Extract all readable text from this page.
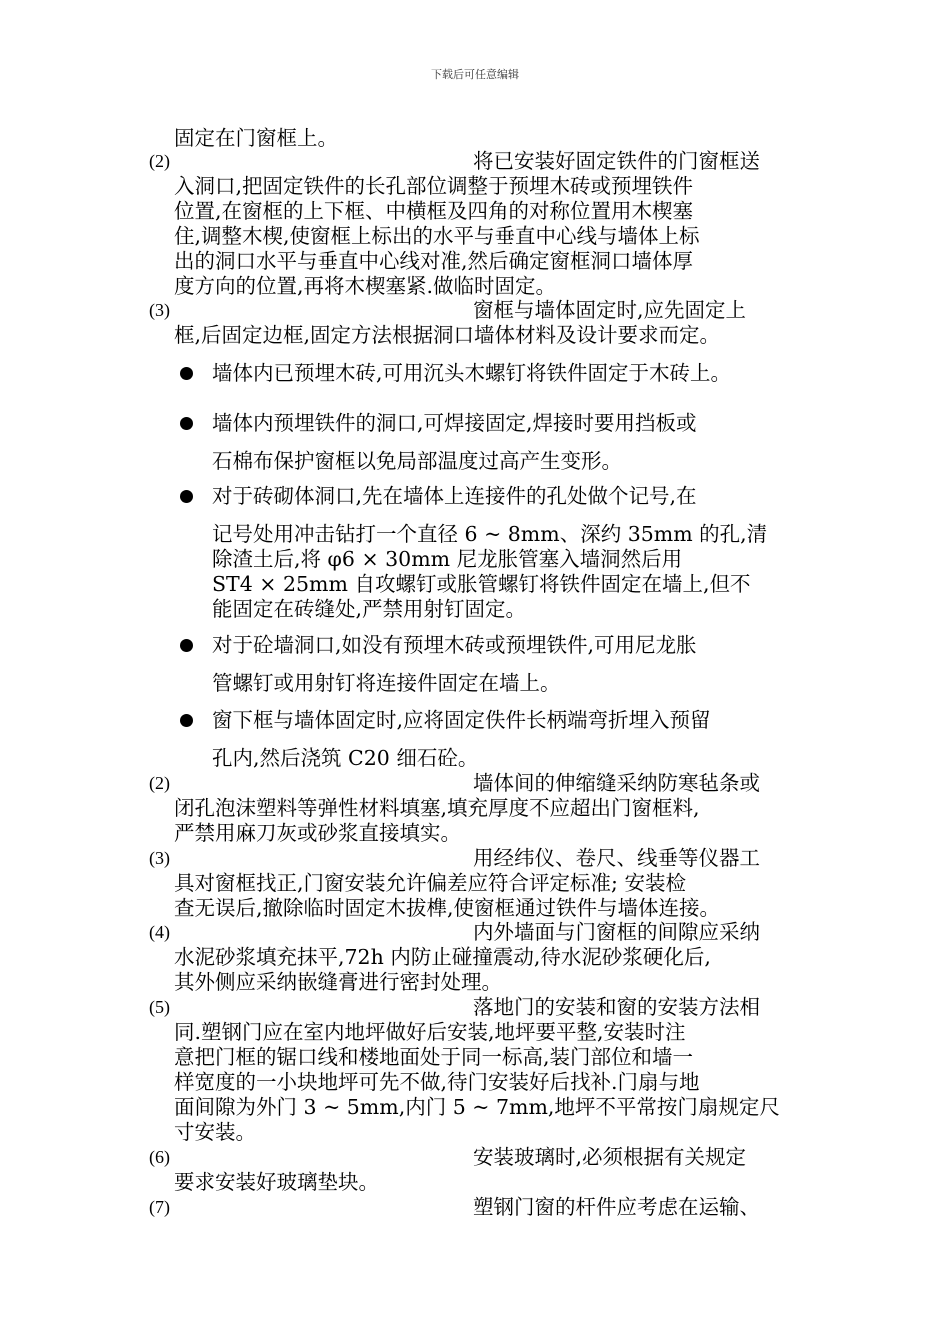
下载后可任意编辑
固定在门窗框上。
(2)	将已安装好固定铁件的门窗框送
入洞口,把固定铁件的长孔部位调整于预埋木砖或预埋铁件
位置,在窗框的上下框、中横框及四角的对称位置用木楔塞
住,调整木楔,使窗框上标出的水平与垂直中心线与墙体上标
出的洞口水平与垂直中心线对准,然后确定窗框洞口墙体厚
度方向的位置,再将木楔塞紧.做临时固定。
(3)	窗框与墙体固定时,应先固定上
框,后固定边框,固定方法根据洞口墙体材料及设计要求而定。
墙体内已预埋木砖,可用沉头木螺钉将铁件固定于木砖上。
墙体内预埋铁件的洞口,可焊接固定,焊接时要用挡板或
石棉布保护窗框以免局部温度过高产生变形。
对于砖砌体洞口,先在墙体上连接件的孔处做个记号,在
记号处用冲击钻打一个直径 6 ~ 8mm、深约 35mm 的孔,清
除渣土后,将 φ6 × 30mm 尼龙胀管塞入墙洞然后用
ST4 × 25mm 自攻螺钉或胀管螺钉将铁件固定在墙上,但不
能固定在砖缝处,严禁用射钉固定。
对于砼墙洞口,如没有预埋木砖或预埋铁件,可用尼龙胀
管螺钉或用射钉将连接件固定在墙上。
窗下框与墙体固定时,应将固定佚件长柄端弯折埋入预留
孔内,然后浇筑 C20 细石砼。
(2)	墙体间的伸缩缝采纳防寒毡条或
闭孔泡沫塑料等弹性材料填塞,填充厚度不应超出门窗框料,
严禁用麻刀灰或砂浆直接填实。
(3)	用经纬仪、卷尺、线垂等仪器工
具对窗框找正,门窗安装允许偏差应符合评定标准; 安装检
查无误后,撤除临时固定木拔榫,使窗框通过铁件与墙体连接。
(4)	内外墙面与门窗框的间隙应采纳
水泥砂浆填充抹平,72h 内防止碰撞震动,待水泥砂浆硬化后,
其外侧应采纳嵌缝膏进行密封处理。
(5)	落地门的安装和窗的安装方法相
同.塑钢门应在室内地坪做好后安装,地坪要平整,安装时注
意把门框的锯口线和楼地面处于同一标高,装门部位和墙一
样宽度的一小块地坪可先不做,待门安装好后找补.门扇与地
面间隙为外门 3 ~ 5mm,内门 5 ~ 7mm,地坪不平常按门扇规定尺
寸安装。
(6)	安装玻璃时,必须根据有关规定
要求安装好玻璃垫块。
(7)	塑钢门窗的杆件应考虑在运输、
